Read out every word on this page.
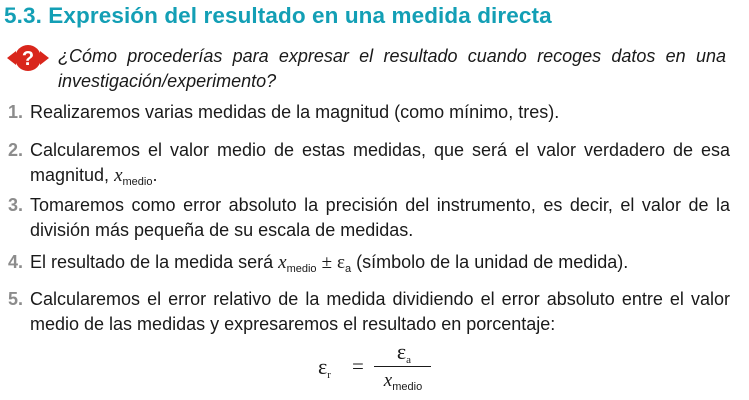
5.3. Expresión del resultado en una medida directa
? ¿Cómo procederías para expresar el resultado cuando recoges datos en una investigación/experimento?
1. Realizaremos varias medidas de la magnitud (como mínimo, tres).
2. Calcularemos el valor medio de estas medidas, que será el valor verdadero de esa magnitud, $x_{medio}$.
3. Tomaremos como error absoluto la precisión del instrumento, es decir, el valor de la división más pequeña de su escala de medidas.
4. El resultado de la medida será $x_{medio} \pm \varepsilon_a$ (símbolo de la unidad de medida).
5. Calcularemos el error relativo de la medida dividiendo el error absoluto entre el valor medio de las medidas y expresaremos el resultado en porcentaje:
$\varepsilon_r$ =
$\varepsilon_a$
$x_{medio}$
